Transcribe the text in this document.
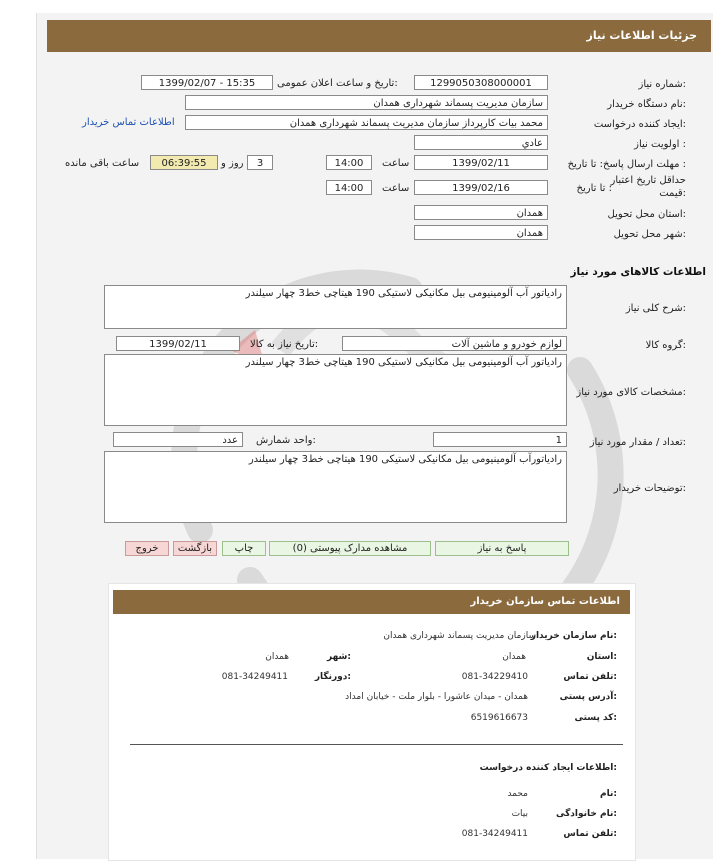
جزئیات اطلاعات نیاز
شماره نیاز:
1299050308000001
تاریخ و ساعت اعلان عمومی:
1399/02/07 - 15:35
نام دستگاه خریدار:
سازمان مدیریت پسماند شهرداری همدان
ایجاد کننده درخواست:
محمد بیات کارپرداز سازمان مدیریت پسماند شهرداری همدان
اطلاعات تماس خریدار
اولویت نیاز :
عادي
مهلت ارسال پاسخ: تا تاریخ :
1399/02/11
ساعت
14:00
3
روز و
06:39:55
ساعت باقی مانده
حداقل تاریخ اعتبار
قیمت:
تا تاریخ :
1399/02/16
ساعت
14:00
استان محل تحویل:
همدان
شهر محل تحویل:
همدان
اطلاعات کالاهای مورد نیاز
شرح کلی نیاز:
رادیاتور آب آلومینیومی بیل مکانیکی لاستیکی 190 هیتاچی خط3 چهار سیلندر
گروه کالا:
لوازم خودرو و ماشین آلات
تاریخ نیاز به کالا:
1399/02/11
مشخصات کالای مورد نیاز:
رادیاتور آب آلومینیومی بیل مکانیکی لاستیکی 190 هیتاچی خط3 چهار سیلندر
تعداد / مقدار مورد نیاز:
1
واحد شمارش:
عدد
توضیحات خریدار:
رادیاتورآب آلومینیومی بیل مکانیکی لاستیکی 190 هیتاچی خط3 چهار سیلندر
پاسخ به نیاز
مشاهده مدارک پیوستی (0)
چاپ
بازگشت
خروج
اطلاعات تماس سازمان خریدار
نام سازمان خریدار:
سازمان مدیریت پسماند شهرداری همدان
استان:
همدان
شهر:
همدان
تلفن تماس:
081-34229410
دورنگار:
081-34249411
آدرس پستی:
همدان - میدان عاشورا - بلوار ملت - خیابان امداد
کد پستی:
6519616673
اطلاعات ایجاد کننده درخواست:
نام:
محمد
نام خانوادگی:
بیات
تلفن تماس:
081-34249411
